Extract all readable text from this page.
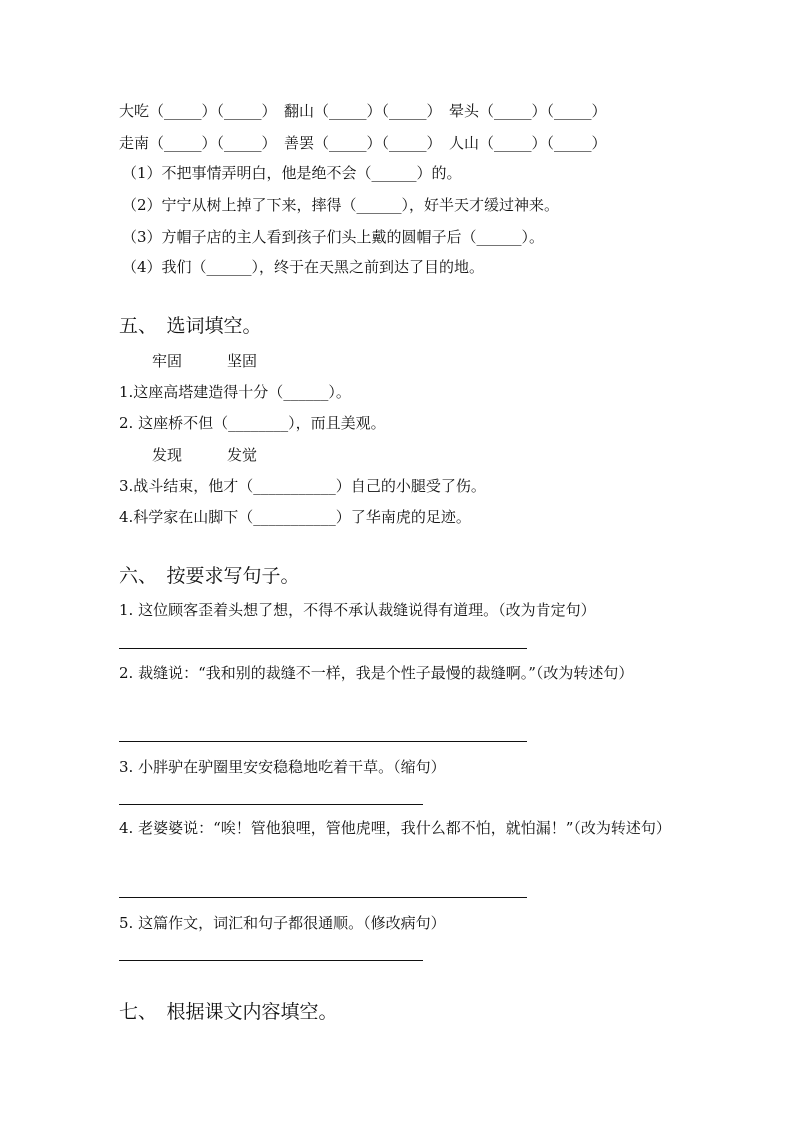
大吃（_____）（_____）　翻山（_____）（_____）　晕头（_____）（_____）
走南（_____）（_____）　善罢（_____）（_____）　人山（_____）（_____）
（1）不把事情弄明白，他是绝不会（______）的。
（2）宁宁从树上掉了下来，摔得（______），好半天才缓过神来。
（3）方帽子店的主人看到孩子们头上戴的圆帽子后（______）。
（4）我们（______），终于在天黑之前到达了目的地。
五、　选词填空。
牢固　　　坚固
1.这座高塔建造得十分（______）。
2. 这座桥不但（________），而且美观。
发现　　　发觉
3.战斗结束，他才（___________）自己的小腿受了伤。
4.科学家在山脚下（___________）了华南虎的足迹。
六、　按要求写句子。
1. 这位顾客歪着头想了想，不得不承认裁缝说得有道理。（改为肯定句）
2. 裁缝说：“我和别的裁缝不一样，我是个性子最慢的裁缝啊。”（改为转述句）
3. 小胖驴在驴圈里安安稳稳地吃着干草。（缩句）
4. 老婆婆说：“唉！管他狼哩，管他虎哩，我什么都不怕，就怕漏！”（改为转述句）
5. 这篇作文，词汇和句子都很通顺。（修改病句）
七、　根据课文内容填空。
